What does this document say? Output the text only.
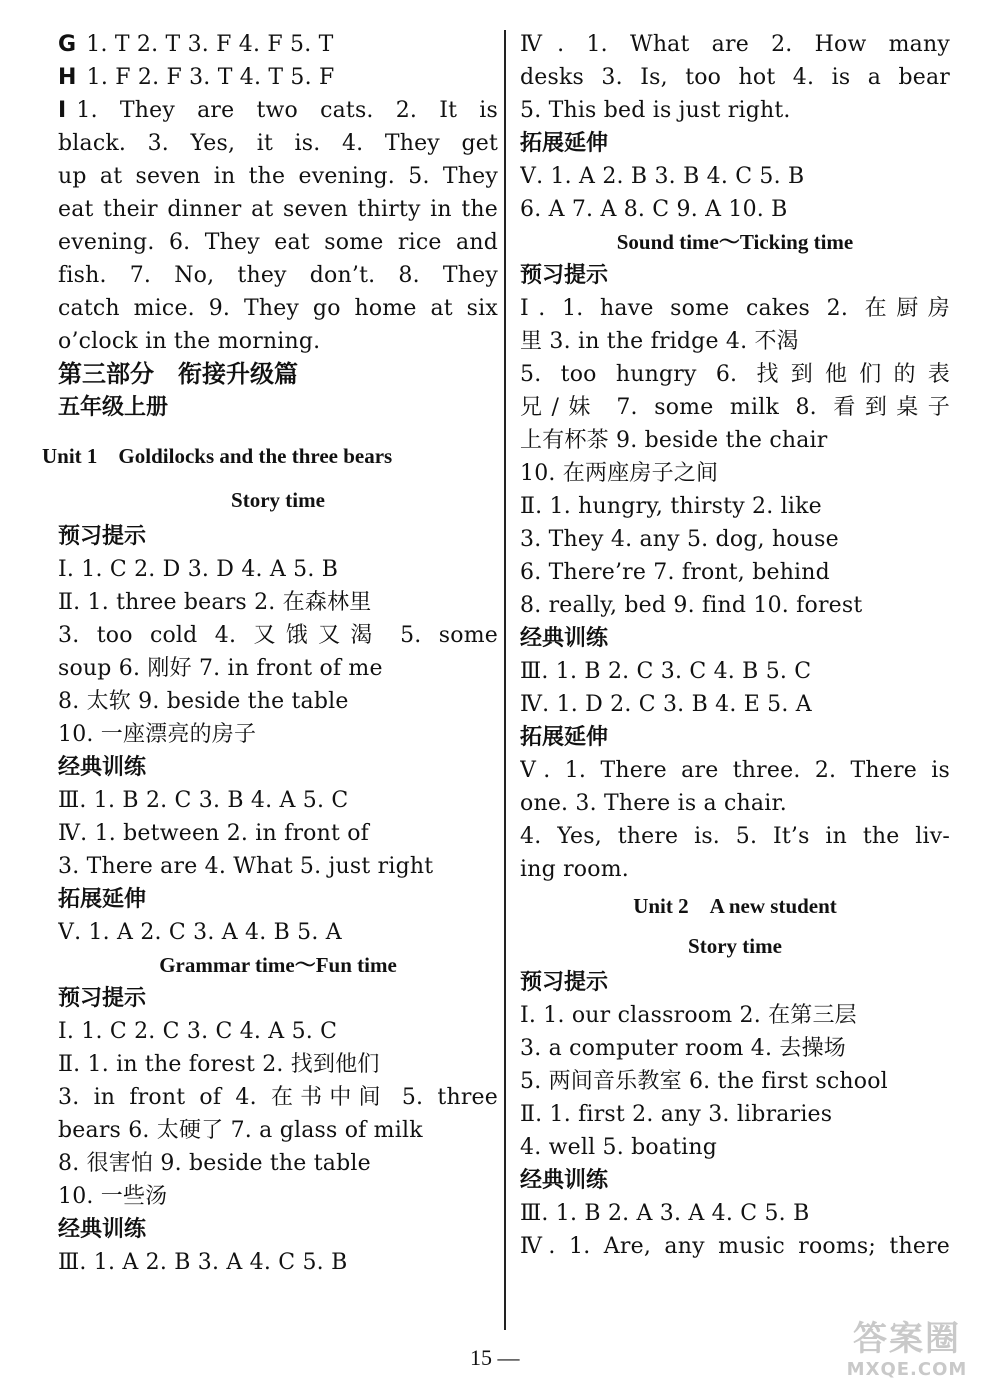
G 1. T 2. T 3. F 4. F 5. T
H 1. F 2. F 3. T 4. T 5. F
I 1. They are two cats. 2. It is
black. 3. Yes, it is. 4. They get
up at seven in the evening. 5. They
eat their dinner at seven thirty in the
evening. 6. They eat some rice and
fish. 7. No, they don’t. 8. They
catch mice. 9. They go home at six
o’clock in the morning.
第三部分　衔接升级篇
五年级上册
Unit 1　Goldilocks and the three bears
Story time
预习提示
Ⅰ. 1. C 2. D 3. D 4. A 5. B
Ⅱ. 1. three bears 2. 在森林里
3. too cold 4. 又饿又渴 5. some
soup 6. 刚好 7. in front of me
8. 太软 9. beside the table
10. 一座漂亮的房子
经典训练
Ⅲ. 1. B 2. C 3. B 4. A 5. C
Ⅳ. 1. between 2. in front of
3. There are 4. What 5. just right
拓展延伸
Ⅴ. 1. A 2. C 3. A 4. B 5. A
Grammar time～Fun time
预习提示
Ⅰ. 1. C 2. C 3. C 4. A 5. C
Ⅱ. 1. in the forest 2. 找到他们
3. in front of 4. 在书中间 5. three
bears 6. 太硬了 7. a glass of milk
8. 很害怕 9. beside the table
10. 一些汤
经典训练
Ⅲ. 1. A 2. B 3. A 4. C 5. B
Ⅳ. 1. What are 2. How many
desks 3. Is, too hot 4. is a bear
5. This bed is just right.
拓展延伸
Ⅴ. 1. A 2. B 3. B 4. C 5. B
6. A 7. A 8. C 9. A 10. B
Sound time～Ticking time
预习提示
Ⅰ. 1. have some cakes 2. 在厨房
里 3. in the fridge 4. 不渴
5. too hungry 6. 找到他们的表
兄/妹 7. some milk 8. 看到桌子
上有杯茶 9. beside the chair
10. 在两座房子之间
Ⅱ. 1. hungry, thirsty 2. like
3. They 4. any 5. dog, house
6. There’re 7. front, behind
8. really, bed 9. find 10. forest
经典训练
Ⅲ. 1. B 2. C 3. C 4. B 5. C
Ⅳ. 1. D 2. C 3. B 4. E 5. A
拓展延伸
Ⅴ. 1. There are three. 2. There is
one. 3. There is a chair.
4. Yes, there is. 5. It’s in the liv-
ing room.
Unit 2　A new student
Story time
预习提示
Ⅰ. 1. our classroom 2. 在第三层
3. a computer room 4. 去操场
5. 两间音乐教室 6. the first school
Ⅱ. 1. first 2. any 3. libraries
4. well 5. boating
经典训练
Ⅲ. 1. B 2. A 3. A 4. C 5. B
Ⅳ. 1. Are, any music rooms; there
15 —	答案圈
MXQE.COM
